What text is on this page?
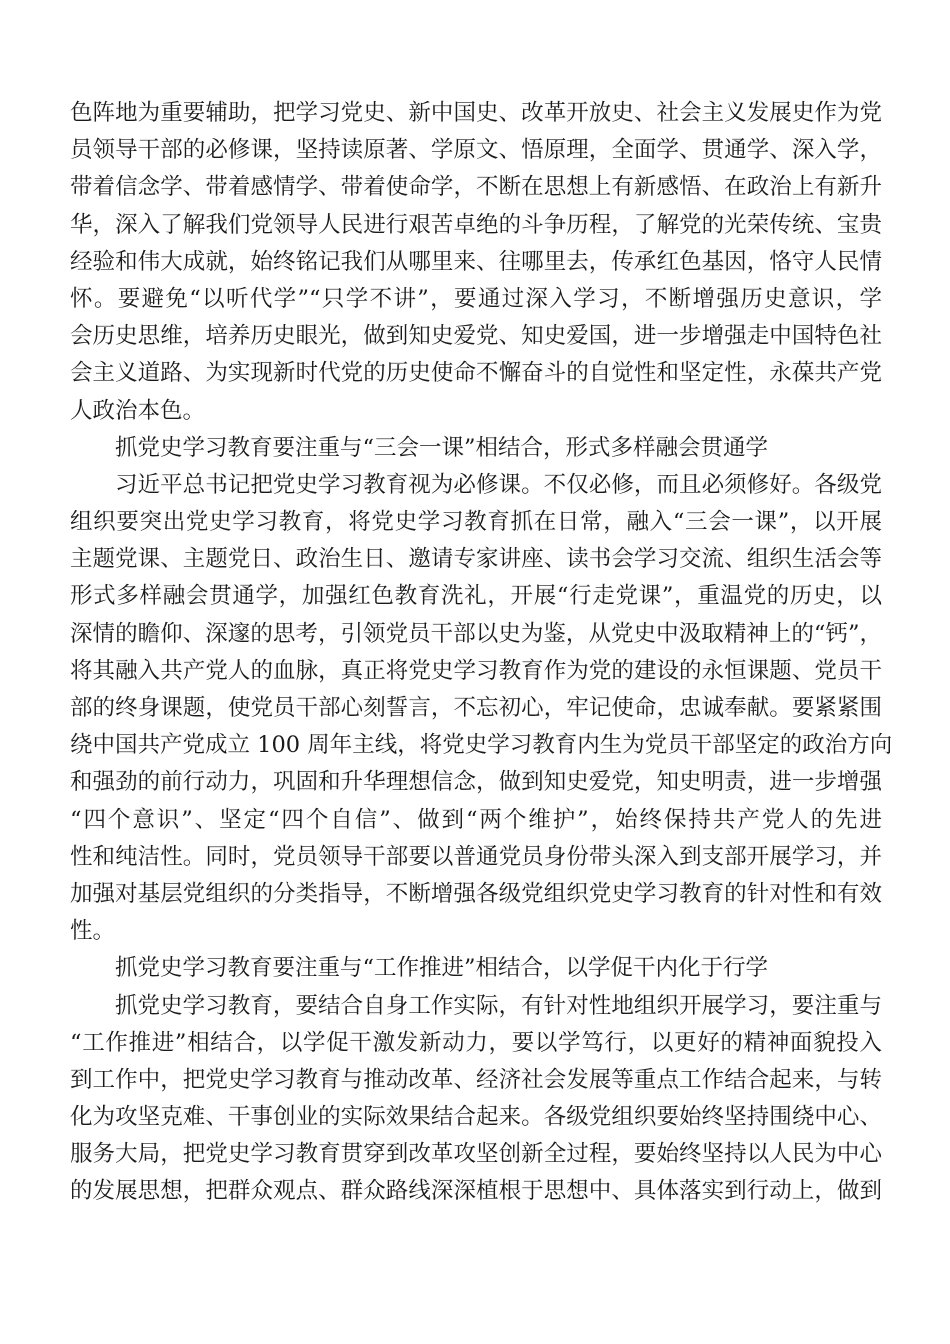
色阵地为重要辅助，把学习党史、新中国史、改革开放史、社会主义发展史作为党
员领导干部的必修课，坚持读原著、学原文、悟原理，全面学、贯通学、深入学，
带着信念学、带着感情学、带着使命学，不断在思想上有新感悟、在政治上有新升
华，深入了解我们党领导人民进行艰苦卓绝的斗争历程，了解党的光荣传统、宝贵
经验和伟大成就，始终铭记我们从哪里来、往哪里去，传承红色基因，恪守人民情
怀。要避免“以听代学”“只学不讲”，要通过深入学习，不断增强历史意识，学
会历史思维，培养历史眼光，做到知史爱党、知史爱国，进一步增强走中国特色社
会主义道路、为实现新时代党的历史使命不懈奋斗的自觉性和坚定性，永葆共产党
人政治本色。
抓党史学习教育要注重与“三会一课”相结合，形式多样融会贯通学
习近平总书记把党史学习教育视为必修课。不仅必修，而且必须修好。各级党
组织要突出党史学习教育，将党史学习教育抓在日常，融入“三会一课”，以开展
主题党课、主题党日、政治生日、邀请专家讲座、读书会学习交流、组织生活会等
形式多样融会贯通学，加强红色教育洗礼，开展“行走党课”，重温党的历史，以
深情的瞻仰、深邃的思考，引领党员干部以史为鉴，从党史中汲取精神上的“钙”，
将其融入共产党人的血脉，真正将党史学习教育作为党的建设的永恒课题、党员干
部的终身课题，使党员干部心刻誓言，不忘初心，牢记使命，忠诚奉献。要紧紧围
绕中国共产党成立 100 周年主线，将党史学习教育内生为党员干部坚定的政治方向
和强劲的前行动力，巩固和升华理想信念，做到知史爱党，知史明责，进一步增强
“四个意识”、坚定“四个自信”、做到“两个维护”，始终保持共产党人的先进
性和纯洁性。同时，党员领导干部要以普通党员身份带头深入到支部开展学习，并
加强对基层党组织的分类指导，不断增强各级党组织党史学习教育的针对性和有效
性。
抓党史学习教育要注重与“工作推进”相结合，以学促干内化于行学
抓党史学习教育，要结合自身工作实际，有针对性地组织开展学习，要注重与
“工作推进”相结合，以学促干激发新动力，要以学笃行，以更好的精神面貌投入
到工作中，把党史学习教育与推动改革、经济社会发展等重点工作结合起来，与转
化为攻坚克难、干事创业的实际效果结合起来。各级党组织要始终坚持围绕中心、
服务大局，把党史学习教育贯穿到改革攻坚创新全过程，要始终坚持以人民为中心
的发展思想，把群众观点、群众路线深深植根于思想中、具体落实到行动上，做到
